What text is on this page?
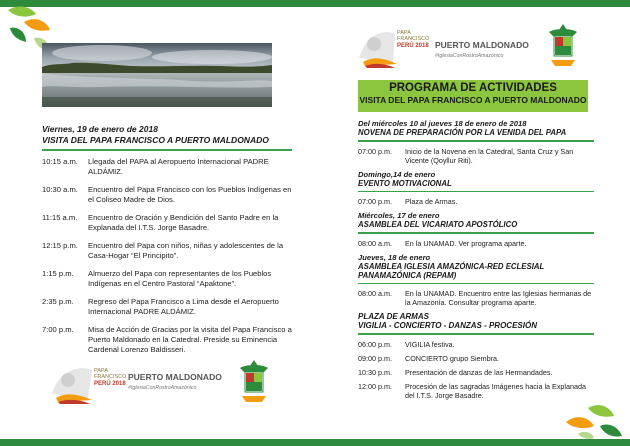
Viernes, 19 de enero de 2018
VISITA DEL PAPA FRANCISCO A PUERTO MALDONADO
10:15 a.m.	Llegada del PAPA al Aeropuerto Internacional PADRE ALDÁMIZ.
10:30 a.m.	Encuentro del Papa Francisco con los Pueblos Indígenas en el Coliseo Madre de Dios.
11:15 a.m.	Encuentro de Oración y Bendición del Santo Padre en la Explanada del I.T.S. Jorge Basadre.
12:15 p.m.	Encuentro del Papa con niños, niñas y adolescentes de la Casa-Hogar “El Principito”.
1:15 p.m.	Almuerzo del Papa con representantes de los Pueblos Indígenas en el Centro Pastoral “Apaktone”.
2:35 p.m.	Regreso del Papa Francisco a Lima desde el Aeropuerto Internacional PADRE ALDÁMIZ.
7:00 p.m.	Misa de Acción de Gracias por la visita del Papa Francisco a Puerto Maldonado en la Catedral. Preside su Eminencia Cardenal Lorenzo Baldisseri.
PAPA
FRANCISCO
PERÚ 2018
PUERTO MALDONADO
#IglesiaConRostroAmazónico
PAPA
FRANCISCO
PERÚ 2018 PUERTO MALDONADO
#IglesiaConRostroAmazónico
PROGRAMA DE ACTIVIDADES
VISITA DEL PAPA FRANCISCO A PUERTO MALDONADO
Del miércoles 10 al jueves 18 de enero de 2018
NOVENA DE PREPARACIÓN POR LA VENIDA DEL PAPA
07:00 p.m.	Inicio de la Novena en la Catedral, Santa Cruz y San Vicente (Qoyllur Riti).
Domingo,14 de enero
EVENTO MOTIVACIONAL
07:00 p.m.	Plaza de Armas.
Miércoles, 17 de enero
ASAMBLEA DEL VICARIATO APOSTÓLICO
08:00 a.m.	En la UNAMAD. Ver programa aparte.
Jueves, 18 de enero
ASAMBLEA IGLESIA AMAZÓNICA-RED ECLESIAL PANAMAZÓNICA (REPAM)
08:00 a.m.	En la UNAMAD. Encuentro entre las Iglesias hermanas de la Amazonía. Consultar programa aparte.
PLAZA DE ARMAS
VIGILIA - CONCIERTO - DANZAS - PROCESIÓN
06:00 p.m.	VIGILIA festiva.
09:00 p.m.	CONCIERTO grupo Siembra.
10:30 p.m.	Presentación de danzas de las Hermandades.
12:00 p.m.	Procesión de las sagradas Imágenes hacia la Explanada del I.T.S. Jorge Basadre.
